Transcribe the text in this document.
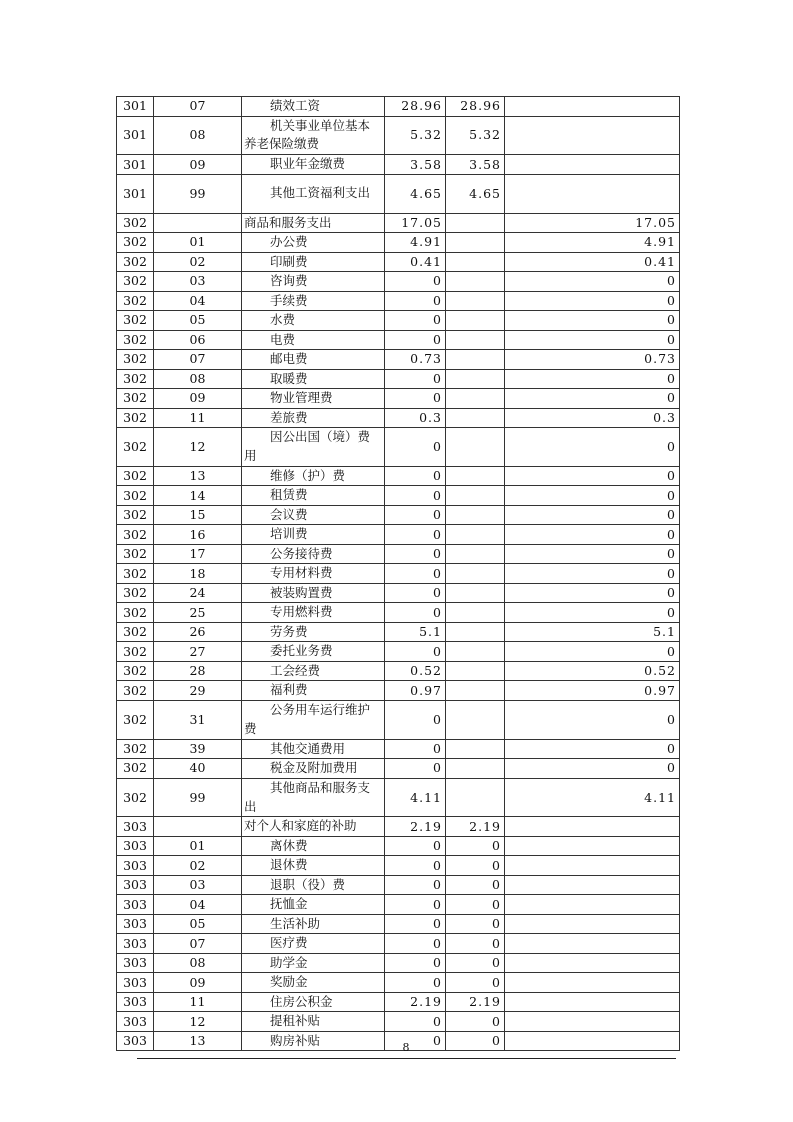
301	07	绩效工资	28.96	28.96	
301	08	机关事业单位基本养老保险缴费	5.32	5.32	
301	09	职业年金缴费	3.58	3.58	
301	99	其他工资福利支出	4.65	4.65	
302		商品和服务支出	17.05		17.05
302	01	办公费	4.91		4.91
302	02	印刷费	0.41		0.41
302	03	咨询费	0		0
302	04	手续费	0		0
302	05	水费	0		0
302	06	电费	0		0
302	07	邮电费	0.73		0.73
302	08	取暖费	0		0
302	09	物业管理费	0		0
302	11	差旅费	0.3		0.3
302	12	因公出国（境）费用	0		0
302	13	维修（护）费	0		0
302	14	租赁费	0		0
302	15	会议费	0		0
302	16	培训费	0		0
302	17	公务接待费	0		0
302	18	专用材料费	0		0
302	24	被装购置费	0		0
302	25	专用燃料费	0		0
302	26	劳务费	5.1		5.1
302	27	委托业务费	0		0
302	28	工会经费	0.52		0.52
302	29	福利费	0.97		0.97
302	31	公务用车运行维护费	0		0
302	39	其他交通费用	0		0
302	40	税金及附加费用	0		0
302	99	其他商品和服务支出	4.11		4.11
303		对个人和家庭的补助	2.19	2.19	
303	01	离休费	0	0	
303	02	退休费	0	0	
303	03	退职（役）费	0	0	
303	04	抚恤金	0	0	
303	05	生活补助	0	0	
303	07	医疗费	0	0	
303	08	助学金	0	0	
303	09	奖励金	0	0	
303	11	住房公积金	2.19	2.19	
303	12	提租补贴	0	0	
303	13	购房补贴	0	0	
8
